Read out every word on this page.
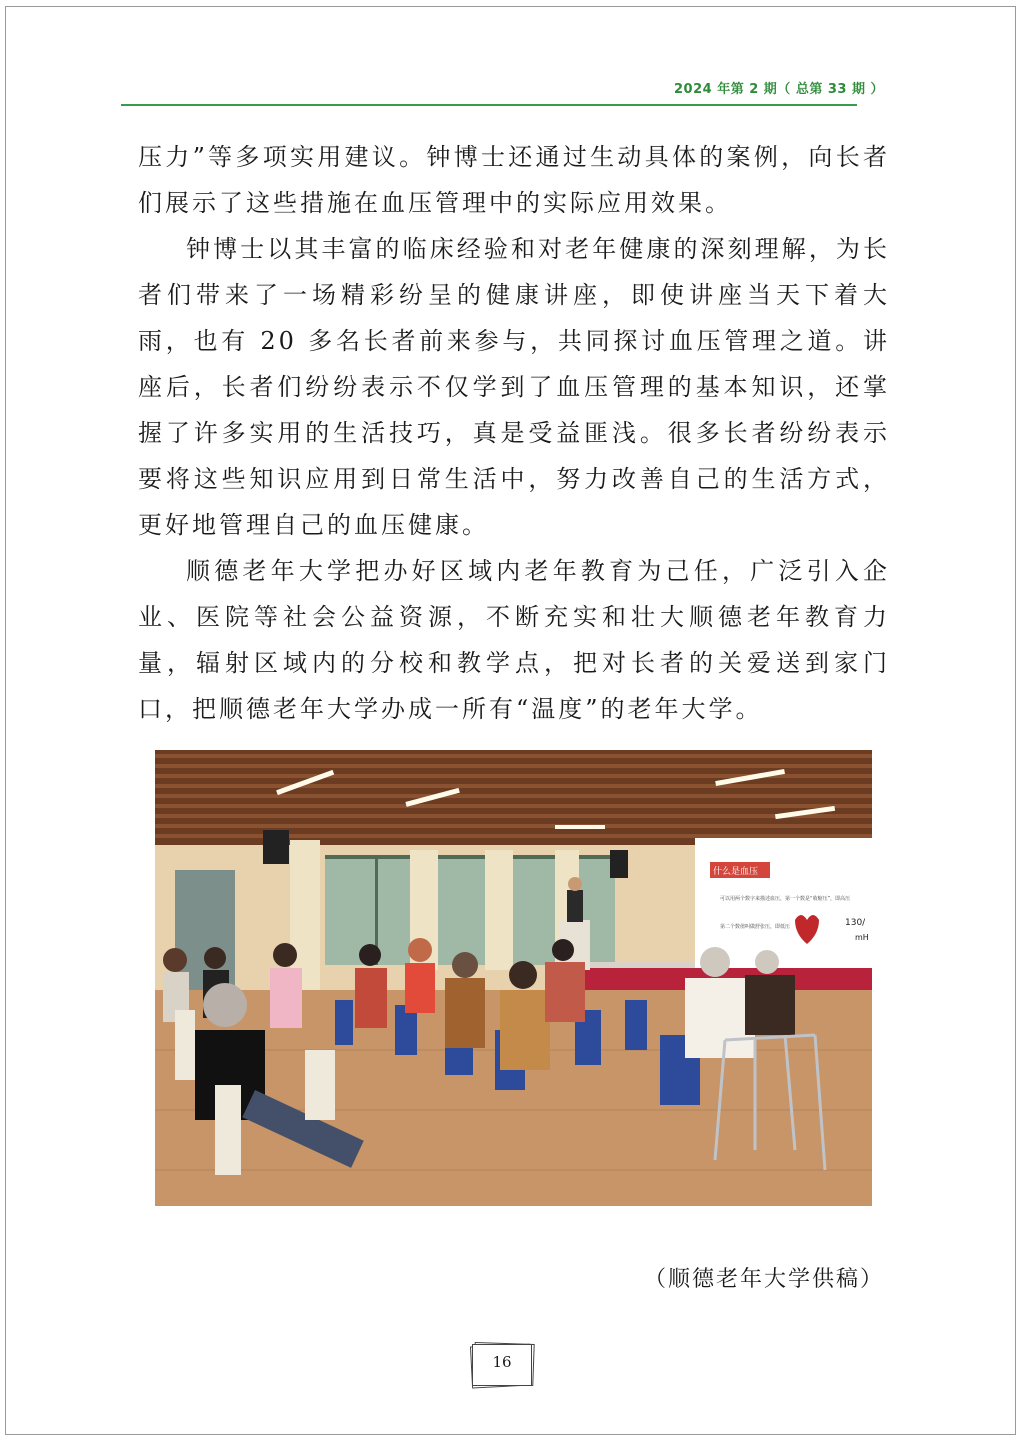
2024 年第 2 期（ 总第 33 期 ）

压力”等多项实用建议。钟博士还通过生动具体的案例，向长者们展示了这些措施在血压管理中的实际应用效果。

钟博士以其丰富的临床经验和对老年健康的深刻理解，为长者们带来了一场精彩纷呈的健康讲座，即使讲座当天下着大雨，也有 20 多名长者前来参与，共同探讨血压管理之道。讲座后，长者们纷纷表示不仅学到了血压管理的基本知识，还掌握了许多实用的生活技巧，真是受益匪浅。很多长者纷纷表示要将这些知识应用到日常生活中，努力改善自己的生活方式，更好地管理自己的血压健康。

顺德老年大学把办好区域内老年教育为己任，广泛引入企业、医院等社会公益资源，不断充实和壮大顺德老年教育力量，辐射区域内的分校和教学点，把对长者的关爱送到家门口，把顺德老年大学办成一所有“温度”的老年大学。

什么是血压
可以用两个数字来描述血压，第一个数是“收缩压”，即高压
第二个数值叫做舒张压，即低压	130/
mH
（顺德老年大学供稿）
16
